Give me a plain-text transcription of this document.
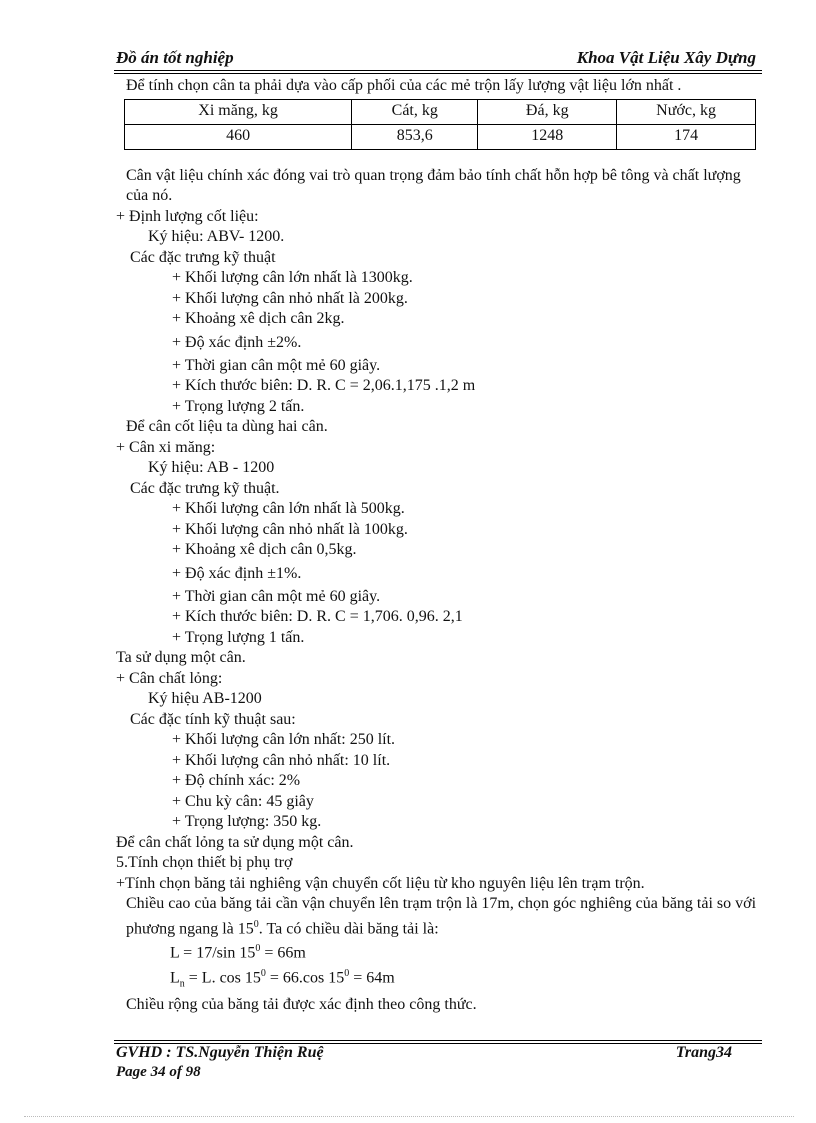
Đồ án tốt nghiệp	Khoa Vật Liệu Xây Dựng

Để tính chọn cân ta phải dựa vào cấp phối của các mẻ trộn lấy lượng vật liệu lớn nhất .

Xi măng, kg	Cát, kg	Đá, kg	Nước, kg
460	853,6	1248	174

Cân vật liệu chính xác đóng vai trò quan trọng đảm bảo tính chất hỗn hợp bê tông và chất lượng của nó.

+ Định lượng cốt liệu:

Ký hiệu: ABV- 1200.

Các đặc trưng kỹ thuật

+ Khối lượng cân lớn nhất là 1300kg.

+ Khối lượng cân nhỏ nhất là 200kg.

+ Khoảng xê dịch cân 2kg.

+ Độ xác định ±2%.

+ Thời gian cân một mẻ 60 giây.

+ Kích thước biên: D. R. C = 2,06.1,175 .1,2 m

+ Trọng lượng 2 tấn.

Để cân cốt liệu ta dùng hai cân.

+ Cân xi măng:

Ký hiệu: AB - 1200

Các đặc trưng kỹ thuật.

+ Khối lượng cân lớn nhất là 500kg.

+ Khối lượng cân nhỏ nhất là 100kg.

+ Khoảng xê dịch cân 0,5kg.

+ Độ xác định ±1%.

+ Thời gian cân một mẻ 60 giây.

+ Kích thước biên: D. R. C = 1,706. 0,96. 2,1

+ Trọng lượng 1 tấn.

Ta sử dụng một cân.

+ Cân chất lỏng:

Ký hiệu AB-1200

Các đặc tính kỹ thuật sau:

+ Khối lượng cân lớn nhất: 250 lít.

+ Khối lượng cân nhỏ nhất: 10 lít.

+ Độ chính xác: 2%

+ Chu kỳ cân: 45 giây

+ Trọng lượng: 350 kg.

Để cân chất lỏng ta sử dụng một cân.

5.Tính chọn thiết bị phụ trợ

+Tính chọn băng tải nghiêng vận chuyển cốt liệu từ kho nguyên liệu lên trạm trộn.

Chiều cao của băng tải cần vận chuyển lên trạm trộn là 17m, chọn góc nghiêng của băng tải so với phương ngang là $15^0$. Ta có chiều dài băng tải là:

L = 17/sin $15^0 = 66m$

$L_n = L$. $\cos 15^0 = 66.\cos$ $15^0 = 64m$

Chiều rộng của băng tải được xác định theo công thức.

GVHD : TS.Nguyễn Thiện Ruệ	Trang34
Page 34 of 98
